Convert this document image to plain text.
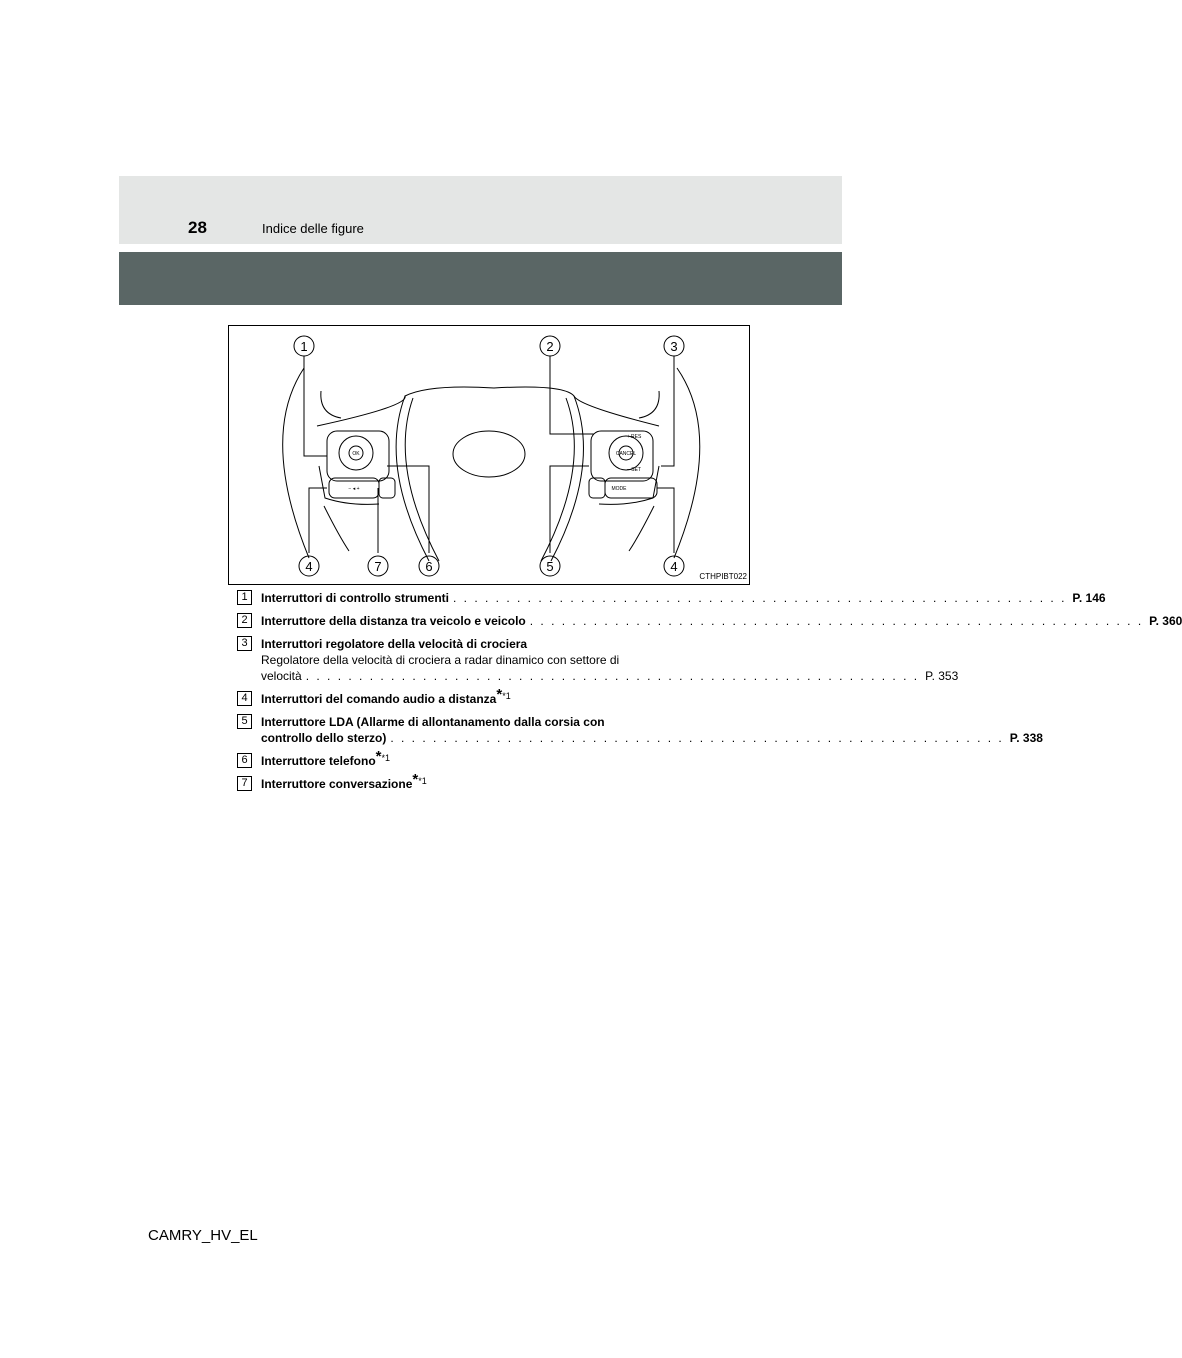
28	Indice delle figure
1	2	3
4	7	6	5	4
OK
+ RES
CANCEL
− SET
MODE
− ◂ +
CTHPIBT022
1	Interruttori di controllo strumenti . . . . . . . . . . . . . . . . . . . . . . . . . . . . . . . . . . . . . . . . . . . . . . . . . . . . . . . . . . P. 146
2	Interruttore della distanza tra veicolo e veicolo . . . . . . . . . . . . . . . . . . . . . . . . . . . . . . . . . . . . . . . . . . . . . . . . . . . . . . . . . . P. 360
3	Interruttori regolatore della velocità di crociera
Regolatore della velocità di crociera a radar dinamico con settore di
velocità . . . . . . . . . . . . . . . . . . . . . . . . . . . . . . . . . . . . . . . . . . . . . . . . . . . . . . . . . . P. 353
4	Interruttori del comando audio a distanza$^{**1}$
5	Interruttore LDA (Allarme di allontanamento dalla corsia con
controllo dello sterzo) . . . . . . . . . . . . . . . . . . . . . . . . . . . . . . . . . . . . . . . . . . . . . . . . . . . . . . . . . . P. 338
6	Interruttore telefono$^{**1}$
7	Interruttore conversazione$^{**1}$
CAMRY_HV_EL
